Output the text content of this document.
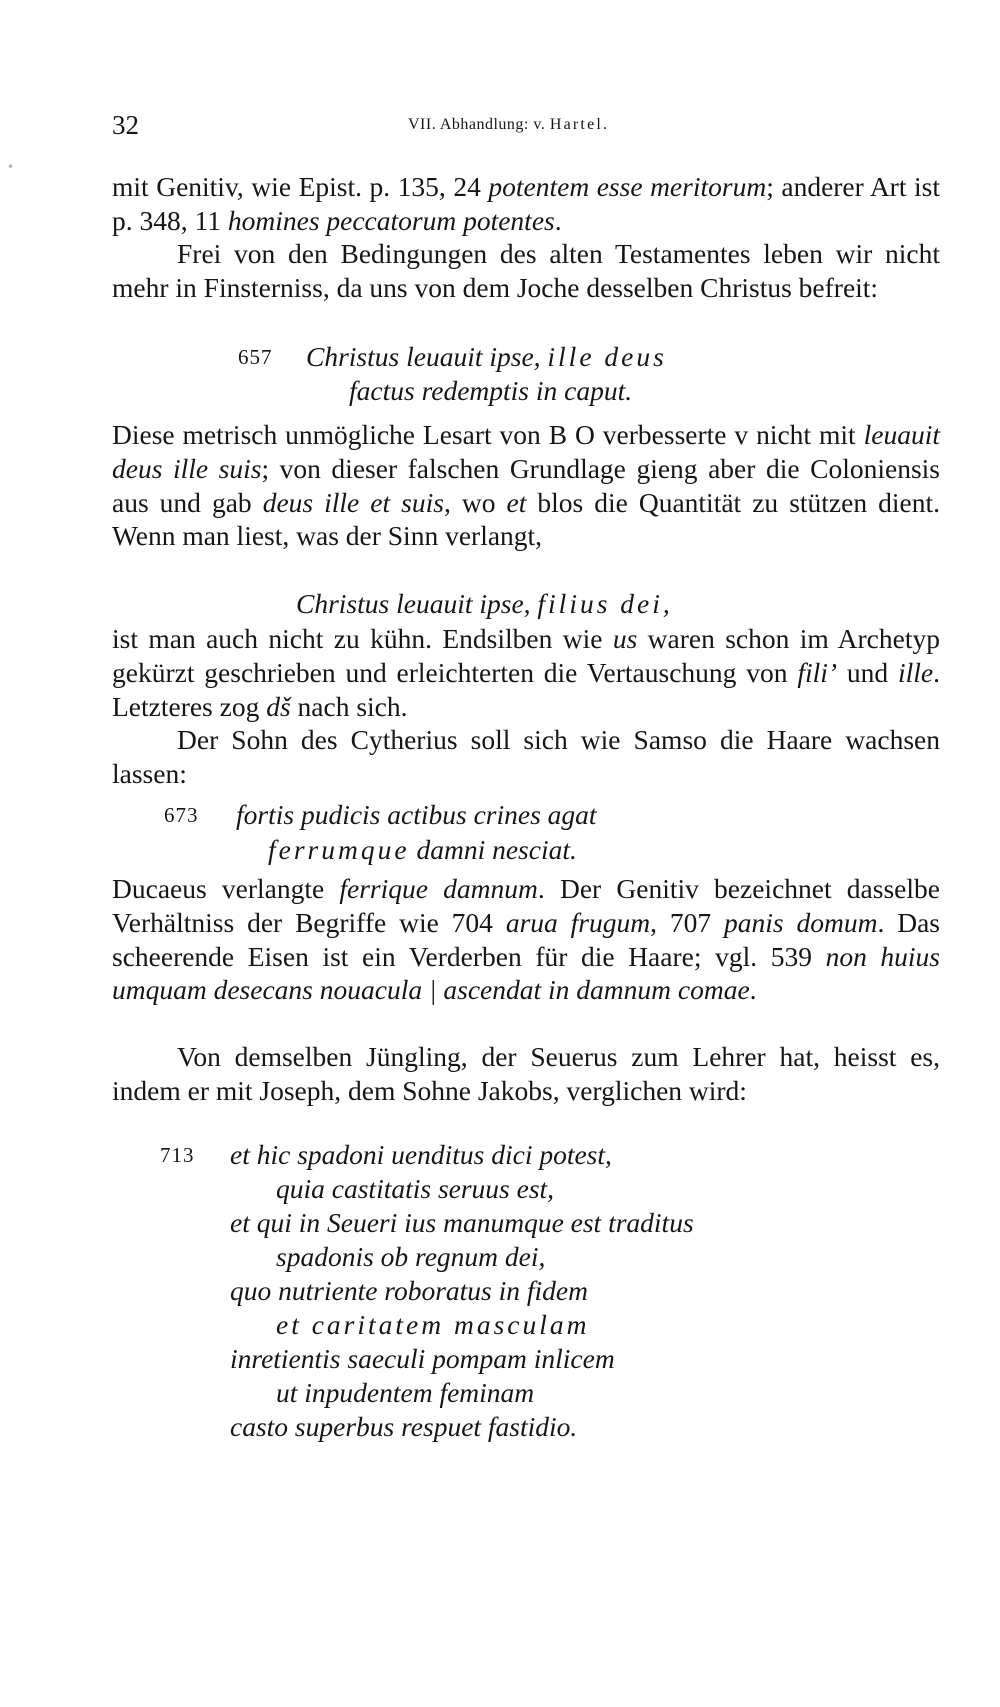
32	VII. Abhandlung: v. Hartel.
•

mit Genitiv, wie Epist. p. 135, 24 potentem esse meritorum; anderer Art ist p. 348, 11 homines peccatorum potentes.

Frei von den Bedingungen des alten Testamentes leben wir nicht mehr in Finsterniss, da uns von dem Joche desselben Christus befreit:

657 Christus leuauit ipse, ille deus
factus redemptis in caput.

Diese metrisch unmögliche Lesart von B O verbesserte v nicht mit leuauit deus ille suis; von dieser falschen Grundlage gieng aber die Coloniensis aus und gab deus ille et suis, wo et blos die Quantität zu stützen dient. Wenn man liest, was der Sinn verlangt,

Christus leuauit ipse, filius dei,

ist man auch nicht zu kühn. Endsilben wie us waren schon im Archetyp gekürzt geschrieben und erleichterten die Vertauschung von fili’ und ille. Letzteres zog dš nach sich.

Der Sohn des Cytherius soll sich wie Samso die Haare wachsen lassen:

673 fortis pudicis actibus crines agat
ferrumque damni nesciat.

Ducaeus verlangte ferrique damnum. Der Genitiv bezeichnet dasselbe Verhältniss der Begriffe wie 704 arua frugum, 707 panis domum. Das scheerende Eisen ist ein Verderben für die Haare; vgl. 539 non huius umquam desecans nouacula | ascendat in damnum comae.

Von demselben Jüngling, der Seuerus zum Lehrer hat, heisst es, indem er mit Joseph, dem Sohne Jakobs, verglichen wird:

713 et hic spadoni uenditus dici potest,
quia castitatis seruus est,
et qui in Seueri ius manumque est traditus
spadonis ob regnum dei,
quo nutriente roboratus in fidem
et caritatem masculam
inretientis saeculi pompam inlicem
ut inpudentem feminam
casto superbus respuet fastidio.
